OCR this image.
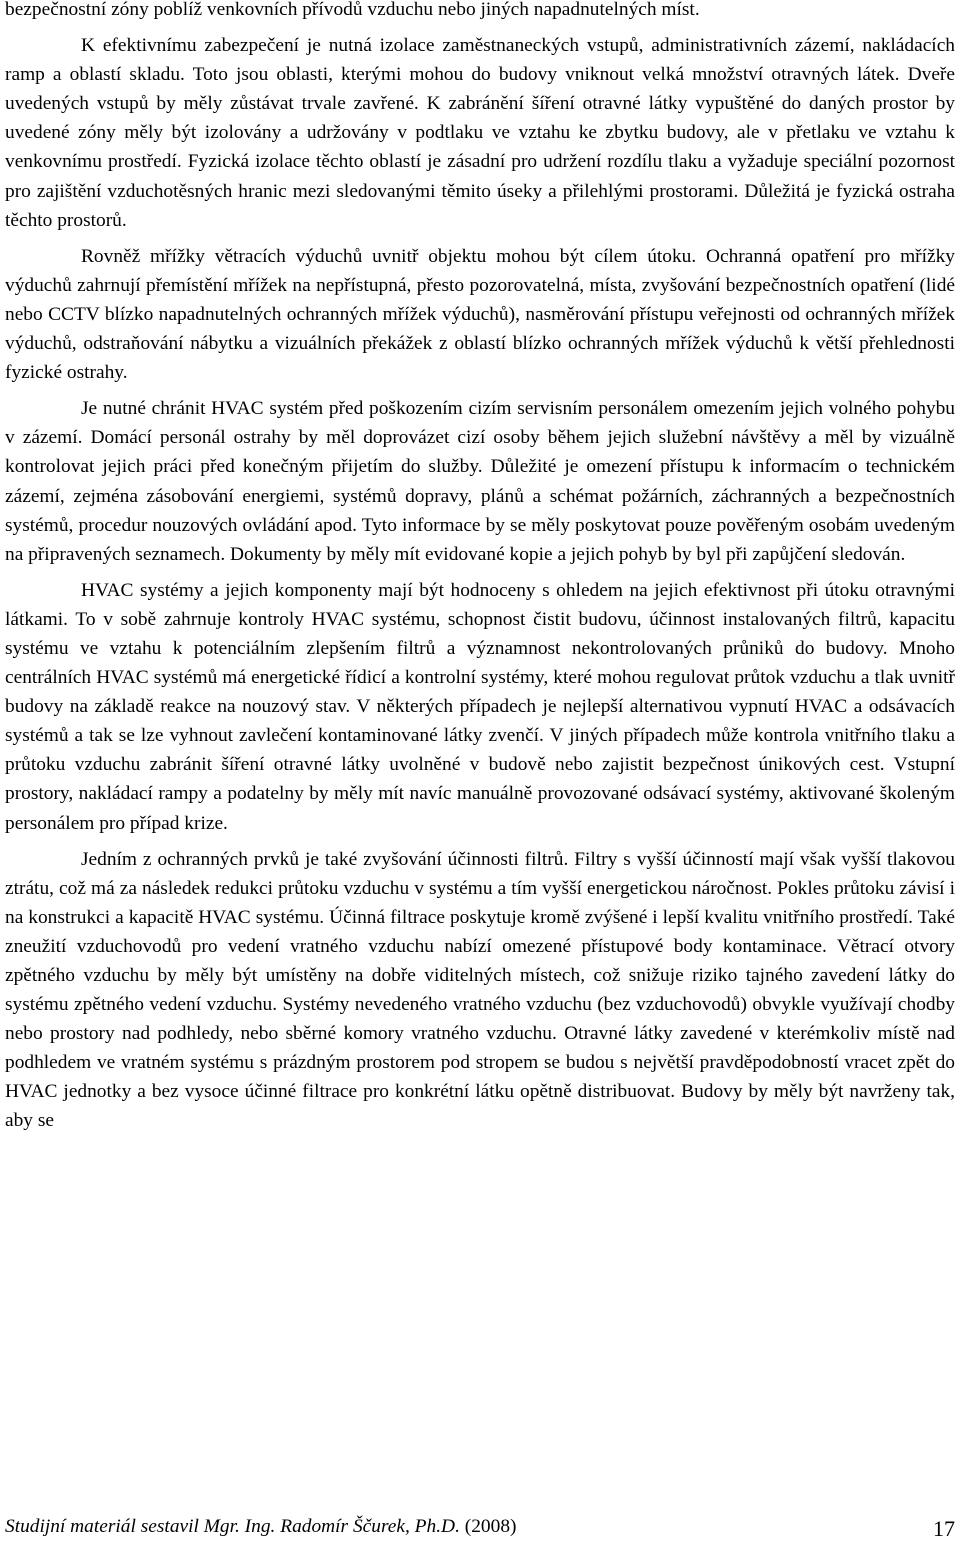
bezpečnostní zóny poblíž venkovních přívodů vzduchu nebo jiných napadnutelných míst.

K efektivnímu zabezpečení je nutná izolace zaměstnaneckých vstupů, administrativních zázemí, nakládacích ramp a oblastí skladu. Toto jsou oblasti, kterými mohou do budovy vniknout velká množství otravných látek. Dveře uvedených vstupů by měly zůstávat trvale zavřené. K zabránění šíření otravné látky vypuštěné do daných prostor by uvedené zóny měly být izolovány a udržovány v podtlaku ve vztahu ke zbytku budovy, ale v přetlaku ve vztahu k venkovnímu prostředí. Fyzická izolace těchto oblastí je zásadní pro udržení rozdílu tlaku a vyžaduje speciální pozornost pro zajištění vzduchotěsných hranic mezi sledovanými těmito úseky a přilehlými prostorami. Důležitá je fyzická ostraha těchto prostorů.

Rovněž mřížky větracích výduchů uvnitř objektu mohou být cílem útoku. Ochranná opatření pro mřížky výduchů zahrnují přemístění mřížek na nepřístupná, přesto pozorovatelná, místa, zvyšování bezpečnostních opatření (lidé nebo CCTV blízko napadnutelných ochranných mřížek výduchů), nasměrování přístupu veřejnosti od ochranných mřížek výduchů, odstraňování nábytku a vizuálních překážek z oblastí blízko ochranných mřížek výduchů k větší přehlednosti fyzické ostrahy.

Je nutné chránit HVAC systém před poškozením cizím servisním personálem omezením jejich volného pohybu v zázemí. Domácí personál ostrahy by měl doprovázet cizí osoby během jejich služební návštěvy a měl by vizuálně kontrolovat jejich práci před konečným přijetím do služby. Důležité je omezení přístupu k informacím o technickém zázemí, zejména zásobování energiemi, systémů dopravy, plánů a schémat požárních, záchranných a bezpečnostních systémů, procedur nouzových ovládání apod. Tyto informace by se měly poskytovat pouze pověřeným osobám uvedeným na připravených seznamech. Dokumenty by měly mít evidované kopie a jejich pohyb by byl při zapůjčení sledován.

HVAC systémy a jejich komponenty mají být hodnoceny s ohledem na jejich efektivnost při útoku otravnými látkami. To v sobě zahrnuje kontroly HVAC systému, schopnost čistit budovu, účinnost instalovaných filtrů, kapacitu systému ve vztahu k potenciálním zlepšením filtrů a významnost nekontrolovaných průniků do budovy. Mnoho centrálních HVAC systémů má energetické řídicí a kontrolní systémy, které mohou regulovat průtok vzduchu a tlak uvnitř budovy na základě reakce na nouzový stav. V některých případech je nejlepší alternativou vypnutí HVAC a odsávacích systémů a tak se lze vyhnout zavlečení kontaminované látky zvenčí. V jiných případech může kontrola vnitřního tlaku a průtoku vzduchu zabránit šíření otravné látky uvolněné v budově nebo zajistit bezpečnost únikových cest. Vstupní prostory, nakládací rampy a podatelny by měly mít navíc manuálně provozované odsávací systémy, aktivované školeným personálem pro případ krize.

Jedním z ochranných prvků je také zvyšování účinnosti filtrů. Filtry s vyšší účinností mají však vyšší tlakovou ztrátu, což má za následek redukci průtoku vzduchu v systému a tím vyšší energetickou náročnost. Pokles průtoku závisí i na konstrukci a kapacitě HVAC systému. Účinná filtrace poskytuje kromě zvýšené i lepší kvalitu vnitřního prostředí. Také zneužití vzduchovodů pro vedení vratného vzduchu nabízí omezené přístupové body kontaminace. Větrací otvory zpětného vzduchu by měly být umístěny na dobře viditelných místech, což snižuje riziko tajného zavedení látky do systému zpětného vedení vzduchu. Systémy nevedeného vratného vzduchu (bez vzduchovodů) obvykle využívají chodby nebo prostory nad podhledy, nebo sběrné komory vratného vzduchu. Otravné látky zavedené v kterémkoliv místě nad podhledem ve vratném systému s prázdným prostorem pod stropem se budou s největší pravděpodobností vracet zpět do HVAC jednotky a bez vysoce účinné filtrace pro konkrétní látku opětně distribuovat. Budovy by měly být navrženy tak, aby se

Studijní materiál sestavil Mgr. Ing. Radomír Ščurek, Ph.D. (2008)	17
